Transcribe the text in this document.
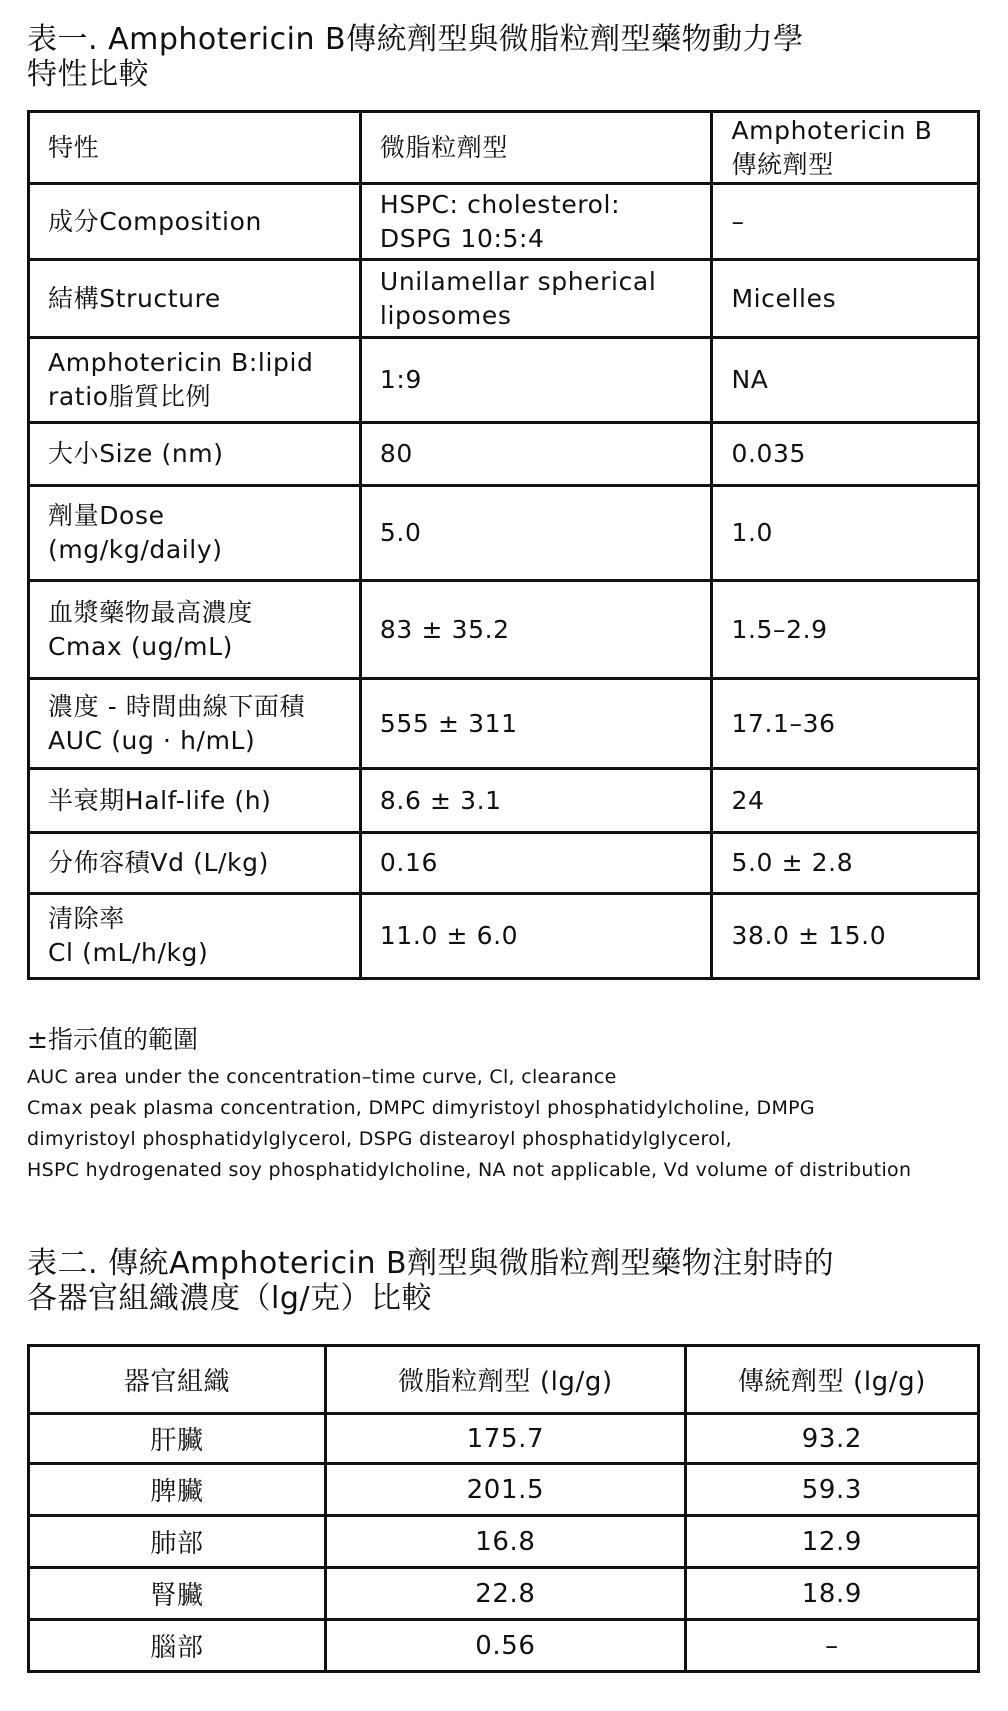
表一. Amphotericin B傳統劑型與微脂粒劑型藥物動力學
特性比較
特性	微脂粒劑型	Amphotericin B
傳統劑型

成分Composition	HSPC: cholesterol:
DSPG 10:5:4	–

結構Structure	Unilamellar spherical
liposomes	Micelles

Amphotericin B:lipid
ratio脂質比例	1:9	NA

大小Size (nm)	80	0.035

劑量Dose
(mg/kg/daily)	5.0	1.0

血漿藥物最高濃度
Cmax (ug/mL)	83 ± 35.2	1.5–2.9

濃度 - 時間曲線下面積
AUC (ug · h/mL)	555 ± 311	17.1–36

半衰期Half-life (h)	8.6 ± 3.1	24

分佈容積Vd (L/kg)	0.16	5.0 ± 2.8

清除率
Cl (mL/h/kg)	11.0 ± 6.0	38.0 ± 15.0
±指示值的範圍
AUC area under the concentration–time curve, Cl, clearance
Cmax peak plasma concentration, DMPC dimyristoyl phosphatidylcholine, DMPG
dimyristoyl phosphatidylglycerol, DSPG distearoyl phosphatidylglycerol,
HSPC hydrogenated soy phosphatidylcholine, NA not applicable, Vd volume of distribution
表二. 傳統Amphotericin B劑型與微脂粒劑型藥物注射時的
各器官組織濃度（lg/克）比較
器官組織	微脂粒劑型 (lg/g)	傳統劑型 (lg/g)
肝臟	175.7	93.2
脾臟	201.5	59.3
肺部	16.8	12.9
腎臟	22.8	18.9
腦部	0.56	–
